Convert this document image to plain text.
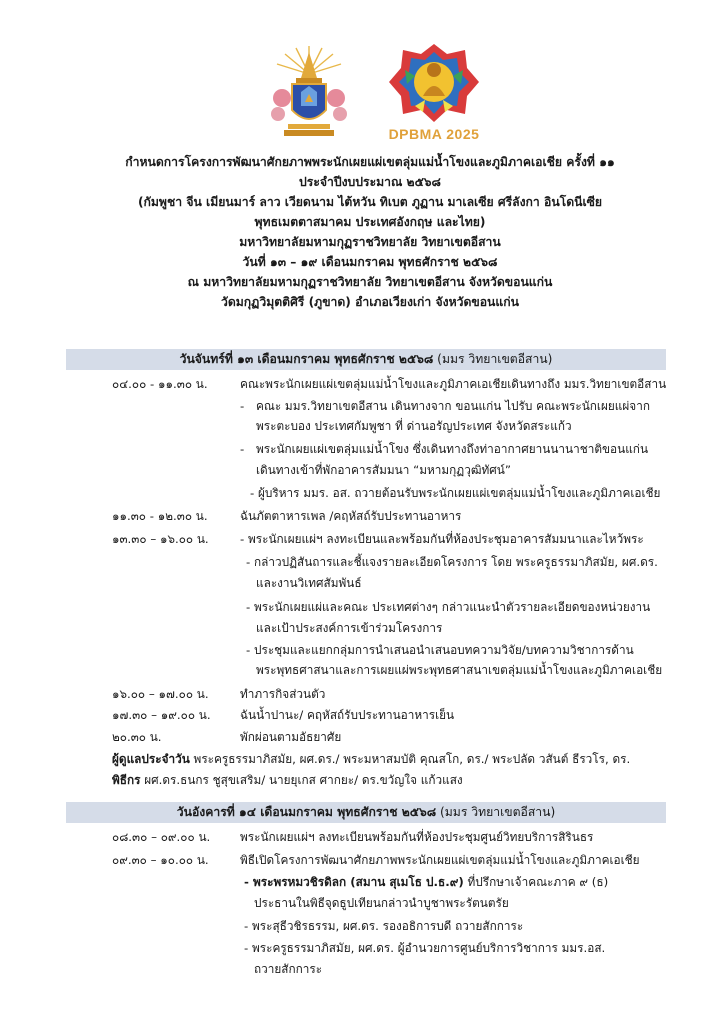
DPBMA 2025

กำหนดการโครงการพัฒนาศักยภาพพระนักเผยแผ่เขตลุ่มแม่น้ำโขงและภูมิภาคเอเชีย ครั้งที่ ๑๑

ประจำปีงบประมาณ ๒๕๖๘

(กัมพูชา จีน เมียนมาร์ ลาว เวียดนาม ไต้หวัน ทิเบต ภูฏาน มาเลเซีย ศรีลังกา อินโดนีเซีย

พุทธเมตตาสมาคม ประเทศอังกฤษ และไทย)

มหาวิทยาลัยมหามกุฏราชวิทยาลัย วิทยาเขตอีสาน

วันที่ ๑๓ – ๑๙ เดือนมกราคม พุทธศักราช ๒๕๖๘

ณ มหาวิทยาลัยมหามกุฏราชวิทยาลัย วิทยาเขตอีสาน จังหวัดขอนแก่น

วัดมกุฏวิมุตติศิรี (ภูขาด) อำเภอเวียงเก่า จังหวัดขอนแก่น

วันจันทร์ที่ ๑๓ เดือนมกราคม พุทธศักราช ๒๕๖๘ (มมร วิทยาเขตอีสาน)
๐๔.๐๐ - ๑๑.๓๐ น.	คณะพระนักเผยแผ่เขตลุ่มแม่น้ำโขงและภูมิภาคเอเชียเดินทางถึง มมร.วิทยาเขตอีสาน
- คณะ มมร.วิทยาเขตอีสาน เดินทางจาก ขอนแก่น ไปรับ คณะพระนักเผยแผ่จาก
พระตะบอง ประเทศกัมพูชา ที่ ด่านอรัญประเทศ จังหวัดสระแก้ว
- พระนักเผยแผ่เขตลุ่มแม่น้ำโขง ซึ่งเดินทางถึงท่าอากาศยานนานาชาติขอนแก่น
เดินทางเข้าที่พักอาคารสัมมนา “มหามกุฏวุฒิทัศน์”
- ผู้บริหาร มมร. อส. ถวายต้อนรับพระนักเผยแผ่เขตลุ่มแม่น้ำโขงและภูมิภาคเอเชีย
๑๑.๓๐ - ๑๒.๓๐ น.	ฉันภัตตาหารเพล /คฤหัสถ์รับประทานอาหาร
๑๓.๓๐ – ๑๖.๐๐ น.	- พระนักเผยแผ่ฯ ลงทะเบียนและพร้อมกันที่ห้องประชุมอาคารสัมมนาและไหว้พระ
- กล่าวปฏิสันถารและชี้แจงรายละเอียดโครงการ โดย พระครูธรรมาภิสมัย, ผศ.ดร.
และงานวิเทศสัมพันธ์
- พระนักเผยแผ่และคณะ ประเทศต่างๆ กล่าวแนะนำตัวรายละเอียดของหน่วยงาน
และเป้าประสงค์การเข้าร่วมโครงการ
- ประชุมและแยกกลุ่มการนำเสนอนำเสนอบทความวิจัย/บทความวิชาการด้าน
พระพุทธศาสนาและการเผยแผ่พระพุทธศาสนาเขตลุ่มแม่น้ำโขงและภูมิภาคเอเชีย
๑๖.๐๐ – ๑๗.๐๐ น.	ทำภารกิจส่วนตัว
๑๗.๓๐ – ๑๙.๐๐ น. ฉันน้ำปานะ/ คฤหัสถ์รับประทานอาหารเย็น
๒๐.๓๐ น.	พักผ่อนตามอัธยาศัย
ผู้ดูแลประจำวัน พระครูธรรมาภิสมัย, ผศ.ดร./ พระมหาสมบัติ คุณสโก, ดร./ พระปลัด วสันต์ ธีรวโร, ดร.
พิธีกร ผศ.ดร.ธนกร ชูสุขเสริม/ นายยุเกส ศากยะ/ ดร.ขวัญใจ แก้วแสง
วันอังคารที่ ๑๔ เดือนมกราคม พุทธศักราช ๒๕๖๘ (มมร วิทยาเขตอีสาน)
๐๘.๓๐ – ๐๙.๐๐ น.	พระนักเผยแผ่ฯ ลงทะเบียนพร้อมกันที่ห้องประชุมศูนย์วิทยบริการสิรินธร
๐๙.๓๐ – ๑๐.๐๐ น.	พิธีเปิดโครงการพัฒนาศักยภาพพระนักเผยแผ่เขตลุ่มแม่น้ำโขงและภูมิภาคเอเชีย
- พระพรหมวชิรดิลก (สมาน สุเมโธ ป.ธ.๙) ที่ปรึกษาเจ้าคณะภาค ๙ (ธ)
ประธานในพิธีจุดธูปเทียนกล่าวนำบูชาพระรัตนตรัย
- พระสุธีวชิรธรรม, ผศ.ดร. รองอธิการบดี ถวายสักการะ
- พระครูธรรมาภิสมัย, ผศ.ดร. ผู้อำนวยการศูนย์บริการวิชาการ มมร.อส.
ถวายสักการะ
